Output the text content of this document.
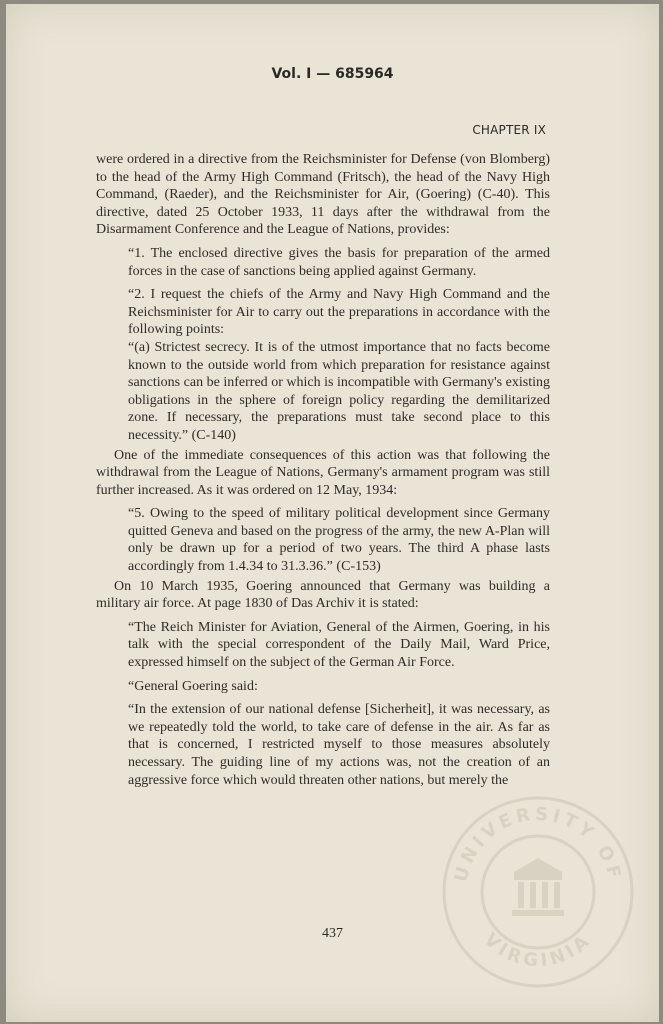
Vol. I — 685964
CHAPTER IX

were ordered in a directive from the Reichsminister for Defense (von Blomberg) to the head of the Army High Command (Fritsch), the head of the Navy High Command, (Raeder), and the Reichsminister for Air, (Goering) (C-40). This directive, dated 25 October 1933, 11 days after the withdrawal from the Disarmament Conference and the League of Nations, provides:

“1. The enclosed directive gives the basis for preparation of the armed forces in the case of sanctions being applied against Germany.

“2. I request the chiefs of the Army and Navy High Command and the Reichsminister for Air to carry out the preparations in accordance with the following points:

“(a) Strictest secrecy. It is of the utmost importance that no facts become known to the outside world from which preparation for resistance against sanctions can be inferred or which is incompatible with Germany's existing obligations in the sphere of foreign policy regarding the demilitarized zone. If necessary, the preparations must take second place to this necessity.” (C-140)

One of the immediate consequences of this action was that following the withdrawal from the League of Nations, Germany's armament program was still further increased. As it was ordered on 12 May, 1934:

“5. Owing to the speed of military political development since Germany quitted Geneva and based on the progress of the army, the new A-Plan will only be drawn up for a period of two years. The third A phase lasts accordingly from 1.4.34 to 31.3.36.” (C-153)

On 10 March 1935, Goering announced that Germany was building a military air force. At page 1830 of Das Archiv it is stated:

“The Reich Minister for Aviation, General of the Airmen, Goering, in his talk with the special correspondent of the Daily Mail, Ward Price, expressed himself on the subject of the German Air Force.

“General Goering said:

“In the extension of our national defense [Sicherheit], it was necessary, as we repeatedly told the world, to take care of defense in the air. As far as that is concerned, I restricted myself to those measures absolutely necessary. The guiding line of my actions was, not the creation of an aggressive force which would threaten other nations, but merely the

437
UNIVERSITY OF
VIRGINIA
